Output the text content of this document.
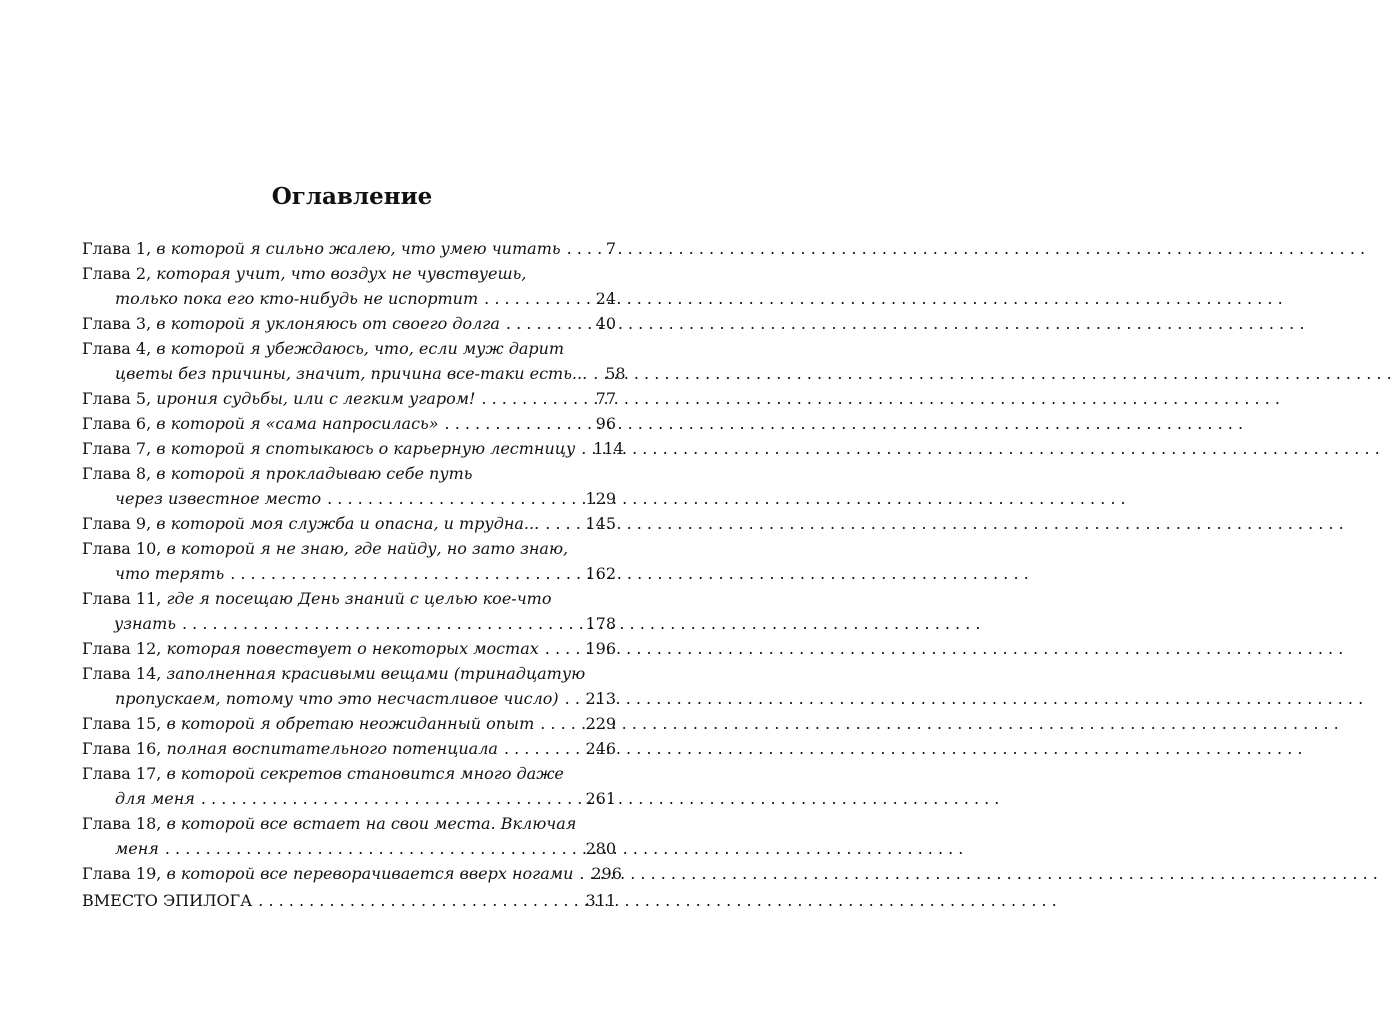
Оглавление
Глава 1, в которой я сильно жалею, что умею читать . . .	7
Глава 2, которая учит, что воздух не чувствуешь,
только пока его кто-нибудь не испортит . . .	24
Глава 3, в которой я уклоняюсь от своего долга . . .	40
Глава 4, в которой я убеждаюсь, что, если муж дарит
цветы без причины, значит, причина все-таки есть... . . . 58
Глава 5, ирония судьбы, или с легким угаром! . . .	77
Глава 6, в которой я «сама напросилась» . . .	96
Глава 7, в которой я спотыкаюсь о карьерную лестницу . . . 114
Глава 8, в которой я прокладываю себе путь
через известное место . . .	129
Глава 9, в которой моя служба и опасна, и трудна... . . .	145
Глава 10, в которой я не знаю, где найду, но зато знаю,
что терять . . .	162
Глава 11, где я посещаю День знаний с целью кое-что
узнать . . .	178
Глава 12, которая повествует о некоторых мостах . . .	196
Глава 14, заполненная красивыми вещами (тринадцатую
пропускаем, потому что это несчастливое число) . . . 213
Глава 15, в которой я обретаю неожиданный опыт . . .	229
Глава 16, полная воспитательного потенциала . . .	246
Глава 17, в которой секретов становится много даже
для меня . . .	261
Глава 18, в которой все встает на свои места. Включая
меня . . .	280
Глава 19, в которой все переворачивается вверх ногами . . . 296
ВМЕСТО ЭПИЛОГА . . .	311
